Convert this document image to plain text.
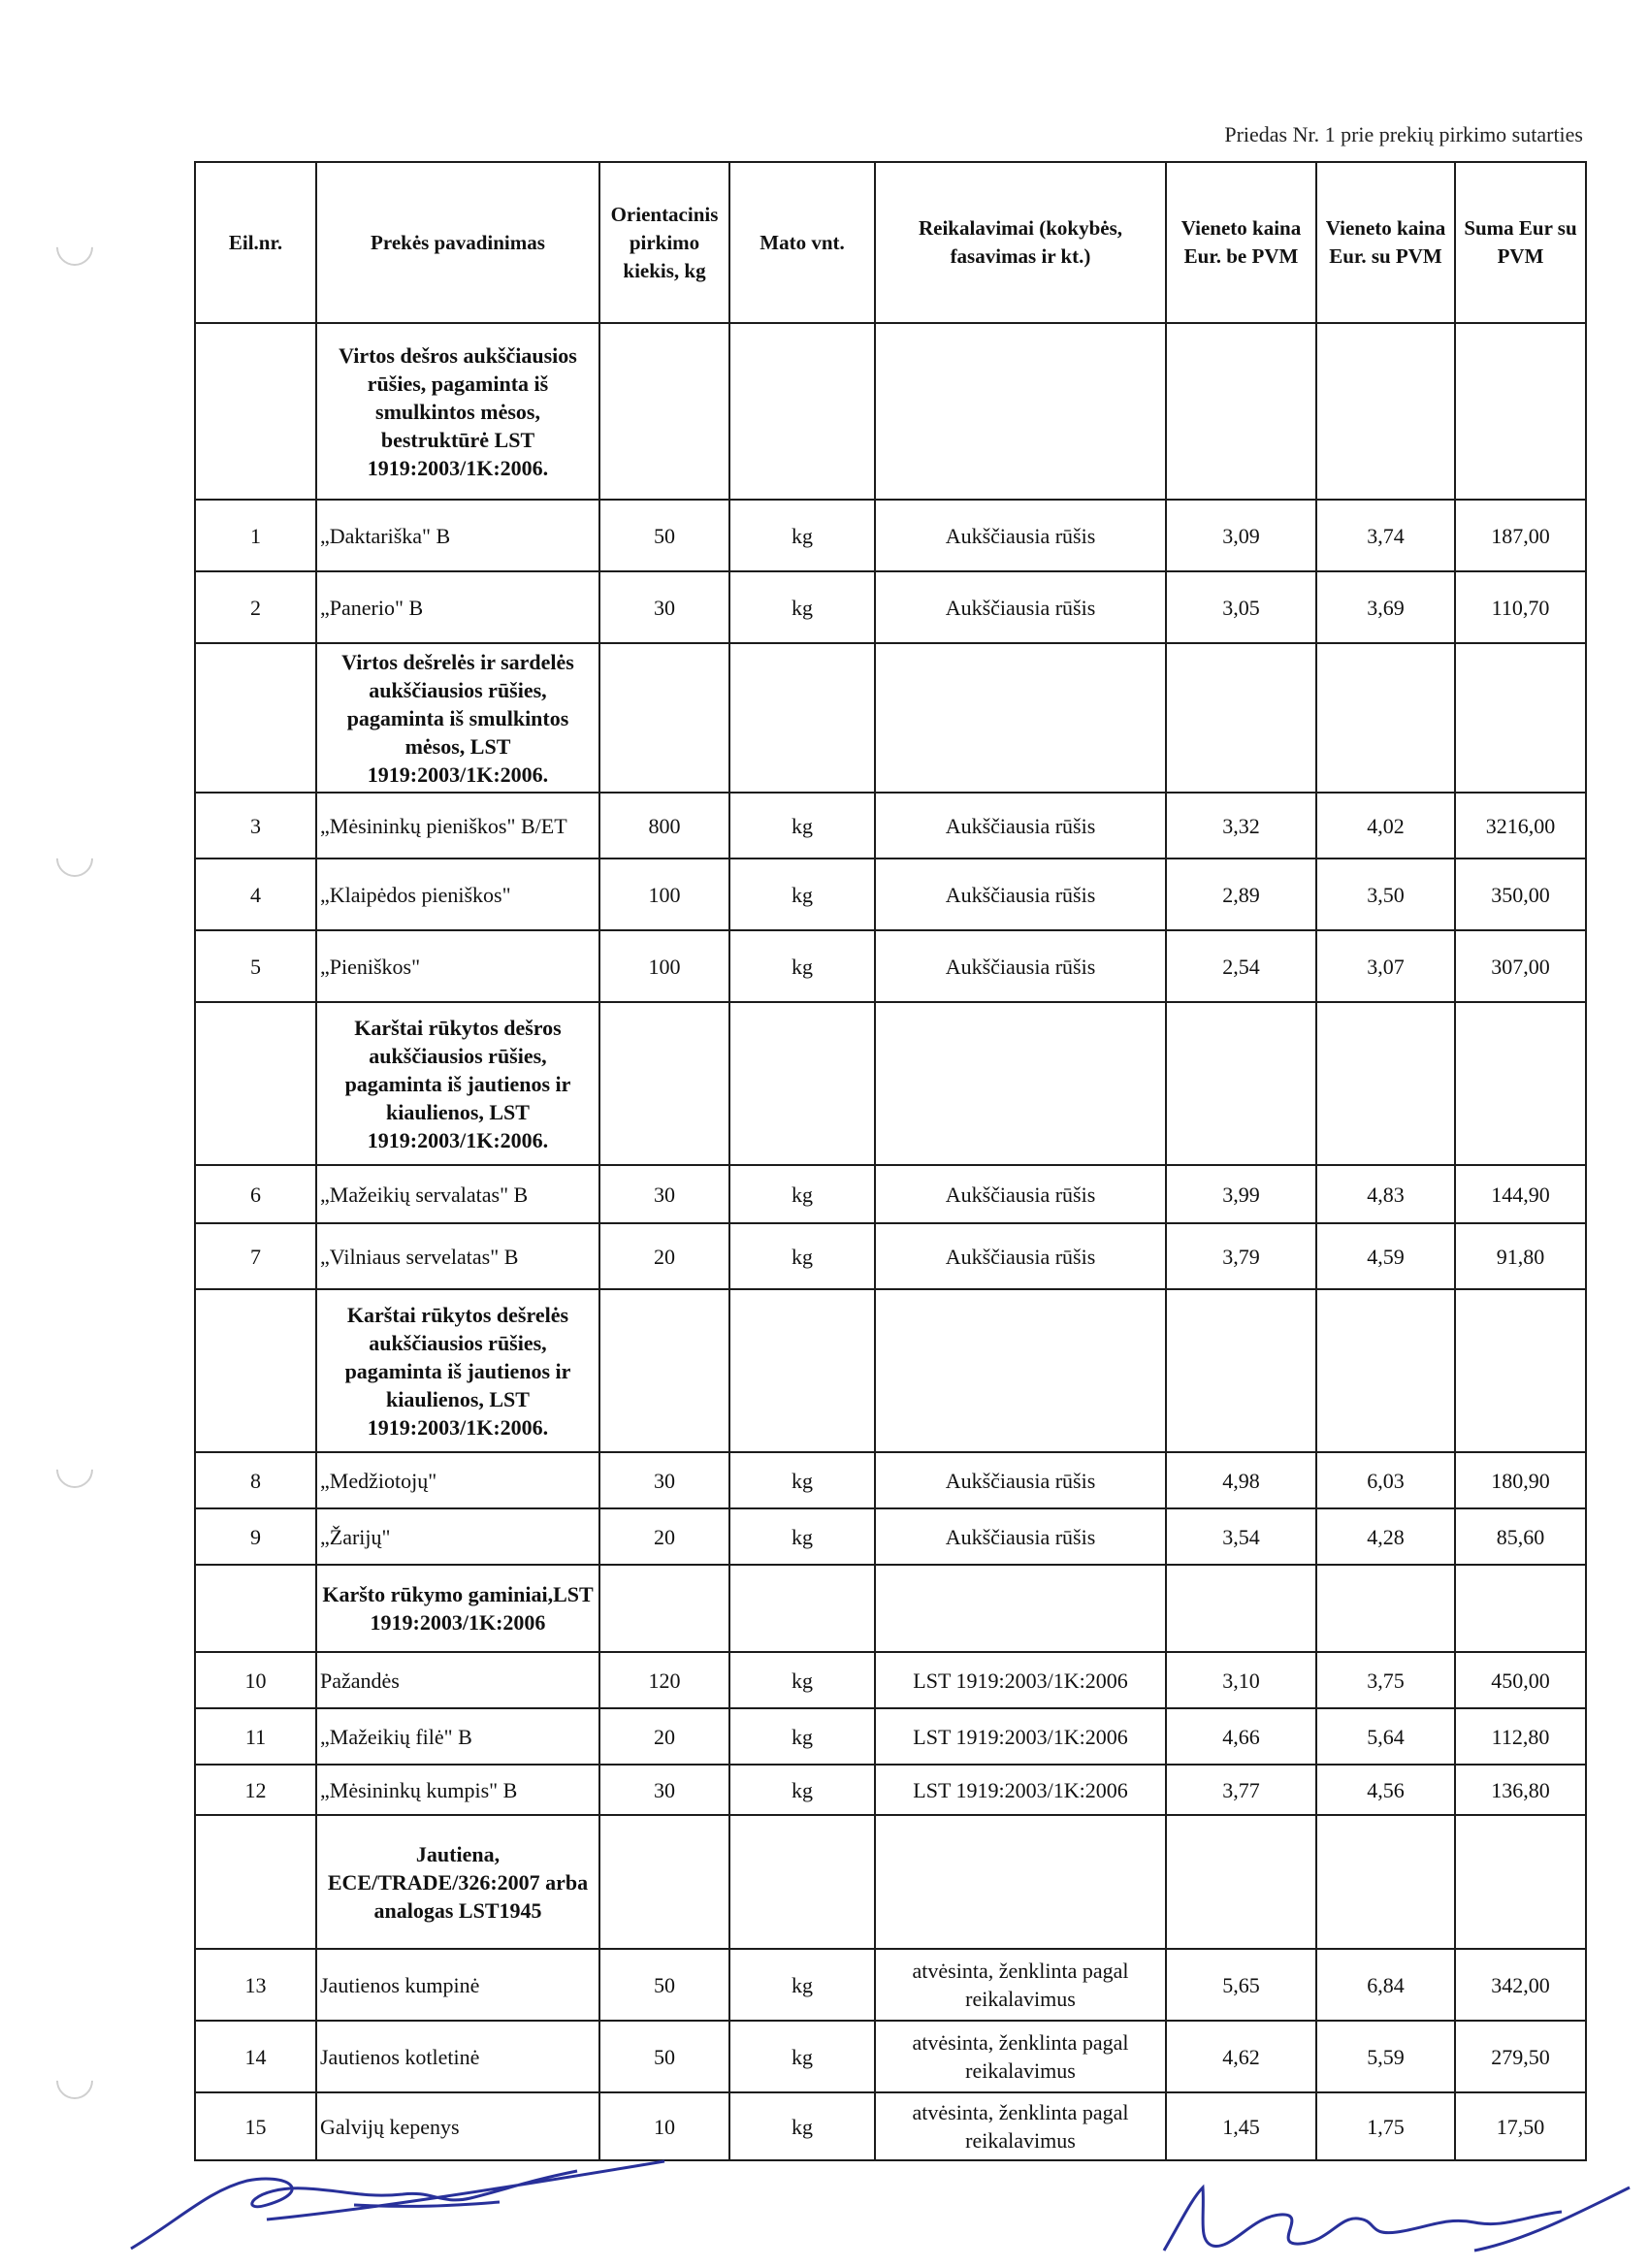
Priedas Nr. 1 prie prekių pirkimo sutarties
Eil.nr.	Prekės pavadinimas	Orientacinis pirkimo kiekis, kg	Mato vnt.	Reikalavimai (kokybės, fasavimas ir kt.)	Vieneto kaina Eur. be PVM	Vieneto kaina Eur. su PVM	Suma Eur su PVM
	Virtos dešros aukščiausios rūšies, pagaminta iš smulkintos mėsos, bestruktūrė LST 1919:2003/1K:2006.						
1	„Daktariška" B	50	kg	Aukščiausia rūšis	3,09	3,74	187,00
2	„Panerio" B	30	kg	Aukščiausia rūšis	3,05	3,69	110,70
	Virtos dešrelės ir sardelės aukščiausios rūšies, pagaminta iš smulkintos mėsos, LST 1919:2003/1K:2006.						
3	„Mėsininkų pieniškos" B/ET	800	kg	Aukščiausia rūšis	3,32	4,02	3216,00
4	„Klaipėdos pieniškos"	100	kg	Aukščiausia rūšis	2,89	3,50	350,00
5	„Pieniškos"	100	kg	Aukščiausia rūšis	2,54	3,07	307,00
	Karštai rūkytos dešros aukščiausios rūšies, pagaminta iš jautienos ir kiaulienos, LST 1919:2003/1K:2006.						
6	„Mažeikių servalatas" B	30	kg	Aukščiausia rūšis	3,99	4,83	144,90
7	„Vilniaus servelatas" B	20	kg	Aukščiausia rūšis	3,79	4,59	91,80
	Karštai rūkytos dešrelės aukščiausios rūšies, pagaminta iš jautienos ir kiaulienos, LST 1919:2003/1K:2006.						
8	„Medžiotojų"	30	kg	Aukščiausia rūšis	4,98	6,03	180,90
9	„Žarijų"	20	kg	Aukščiausia rūšis	3,54	4,28	85,60
	Karšto rūkymo gaminiai,LST 1919:2003/1K:2006						
10	Pažandės	120	kg	LST 1919:2003/1K:2006	3,10	3,75	450,00
11	„Mažeikių filė" B	20	kg	LST 1919:2003/1K:2006	4,66	5,64	112,80
12	„Mėsininkų kumpis" B	30	kg	LST 1919:2003/1K:2006	3,77	4,56	136,80
	Jautiena, ECE/TRADE/326:2007 arba analogas LST1945						
13	Jautienos kumpinė	50	kg	atvėsinta, ženklinta pagal reikalavimus	5,65	6,84	342,00
14	Jautienos kotletinė	50	kg	atvėsinta, ženklinta pagal reikalavimus	4,62	5,59	279,50
15	Galvijų kepenys	10	kg	atvėsinta, ženklinta pagal reikalavimus	1,45	1,75	17,50
